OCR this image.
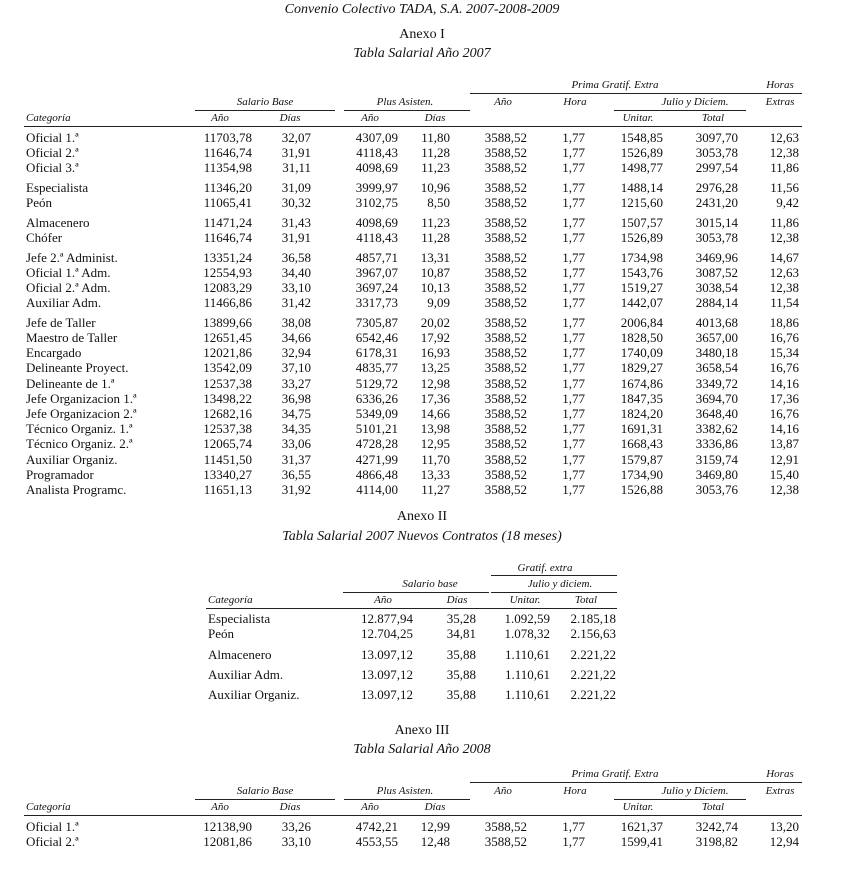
Convenio Colectivo TADA, S.A. 2007-2008-2009
Anexo I
Tabla Salarial Año 2007
Prima Gratif. Extra	Horas
Salario Base	Plus Asisten.	Año	Hora	Julio y Diciem.	Extras
Categoría	Año	Días	Año	Días	Unitar.	Total
Oficial 1.ª	11703,78	32,07	4307,09	11,80	3588,52	1,77	1548,85	3097,70	12,63
Oficial 2.ª	11646,74	31,91	4118,43	11,28	3588,52	1,77	1526,89	3053,78	12,38
Oficial 3.ª	11354,98	31,11	4098,69	11,23	3588,52	1,77	1498,77	2997,54	11,86
Especialista	11346,20	31,09	3999,97	10,96	3588,52	1,77	1488,14	2976,28	11,56
Peón	11065,41	30,32	3102,75	8,50	3588,52	1,77	1215,60	2431,20	9,42
Almacenero	11471,24	31,43	4098,69	11,23	3588,52	1,77	1507,57	3015,14	11,86
Chófer	11646,74	31,91	4118,43	11,28	3588,52	1,77	1526,89	3053,78	12,38
Jefe 2.ª Administ.	13351,24	36,58	4857,71	13,31	3588,52	1,77	1734,98	3469,96	14,67
Oficial 1.ª Adm.	12554,93	34,40	3967,07	10,87	3588,52	1,77	1543,76	3087,52	12,63
Oficial 2.ª Adm.	12083,29	33,10	3697,24	10,13	3588,52	1,77	1519,27	3038,54	12,38
Auxiliar Adm.	11466,86	31,42	3317,73	9,09	3588,52	1,77	1442,07	2884,14	11,54
Jefe de Taller	13899,66	38,08	7305,87	20,02	3588,52	1,77	2006,84	4013,68	18,86
Maestro de Taller	12651,45	34,66	6542,46	17,92	3588,52	1,77	1828,50	3657,00	16,76
Encargado	12021,86	32,94	6178,31	16,93	3588,52	1,77	1740,09	3480,18	15,34
Delineante Proyect.	13542,09	37,10	4835,77	13,25	3588,52	1,77	1829,27	3658,54	16,76
Delineante de 1.ª	12537,38	33,27	5129,72	12,98	3588,52	1,77	1674,86	3349,72	14,16
Jefe Organizacion 1.ª	13498,22	36,98	6336,26	17,36	3588,52	1,77	1847,35	3694,70	17,36
Jefe Organizacion 2.ª	12682,16	34,75	5349,09	14,66	3588,52	1,77	1824,20	3648,40	16,76
Técnico Organiz. 1.ª	12537,38	34,35	5101,21	13,98	3588,52	1,77	1691,31	3382,62	14,16
Técnico Organiz. 2.ª	12065,74	33,06	4728,28	12,95	3588,52	1,77	1668,43	3336,86	13,87
Auxiliar Organiz.	11451,50	31,37	4271,99	11,70	3588,52	1,77	1579,87	3159,74	12,91
Programador	13340,27	36,55	4866,48	13,33	3588,52	1,77	1734,90	3469,80	15,40
Analista Programc.	11651,13	31,92	4114,00	11,27	3588,52	1,77	1526,88	3053,76	12,38
Anexo II
Tabla Salarial 2007 Nuevos Contratos (18 meses)
Gratif. extra
Salario base	Julio y diciem.
Categoría	Año	Días	Unitar.	Total
Especialista	12.877,94	35,28	1.092,59	2.185,18
Peón	12.704,25	34,81	1.078,32	2.156,63
Almacenero	13.097,12	35,88	1.110,61	2.221,22
Auxiliar Adm.	13.097,12	35,88	1.110,61	2.221,22
Auxiliar Organiz.	13.097,12	35,88	1.110,61	2.221,22
Anexo III
Tabla Salarial Año 2008
Prima Gratif. Extra	Horas
Salario Base	Plus Asisten.	Año	Hora	Julio y Diciem.	Extras
Categoría	Año	Días	Año	Días	Unitar.	Total
Oficial 1.ª	12138,90	33,26	4742,21	12,99	3588,52	1,77	1621,37	3242,74	13,20
Oficial 2.ª	12081,86	33,10	4553,55	12,48	3588,52	1,77	1599,41	3198,82	12,94
